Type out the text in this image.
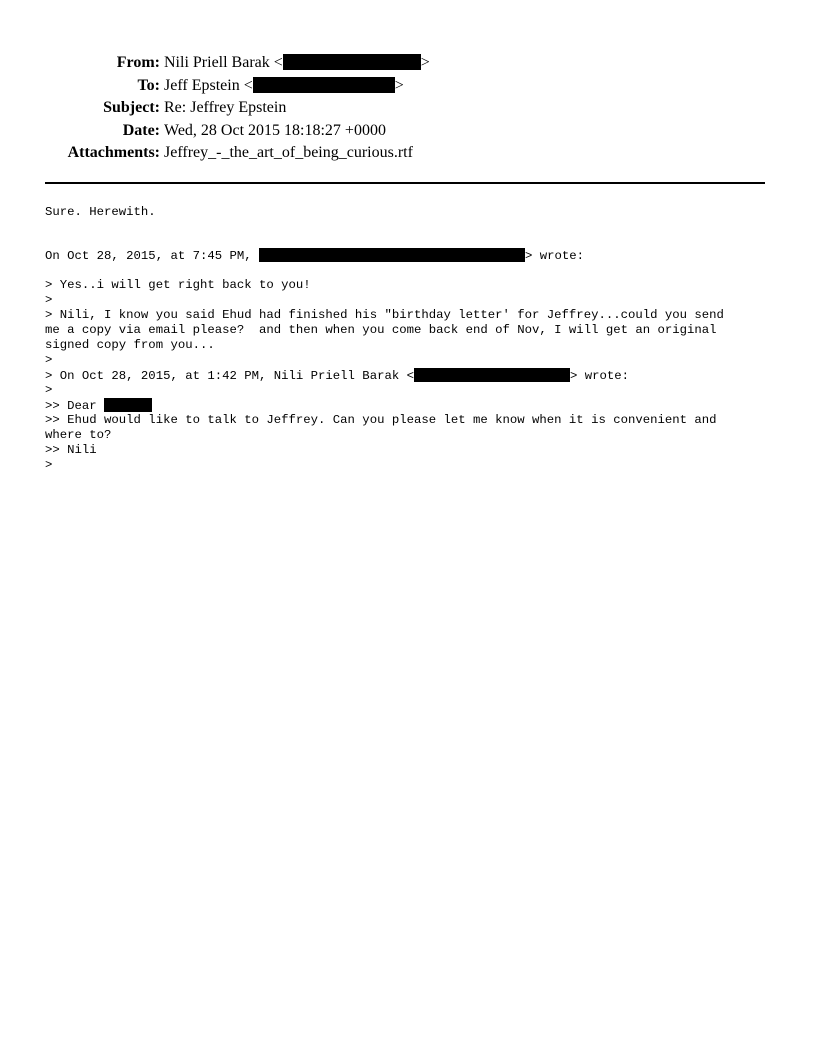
From: Nili Priell Barak <	>
To: Jeff Epstein <	>
Subject: Re: Jeffrey Epstein
Date: Wed, 28 Oct 2015 18:18:27 +0000
Attachments: Jeffrey_-_the_art_of_being_curious.rtf
Sure. Herewith.
On Oct 28, 2015, at 7:45 PM,	> wrote:
> Yes..i will get right back to you!
>
> Nili, I know you said Ehud had finished his "birthday letter' for Jeffrey...could you send
me a copy via email please?  and then when you come back end of Nov, I will get an original
signed copy from you...
>
> On Oct 28, 2015, at 1:42 PM, Nili Priell Barak <	> wrote:
>
>> Dear
>> Ehud would like to talk to Jeffrey. Can you please let me know when it is convenient and
where to?
>> Nili
>
